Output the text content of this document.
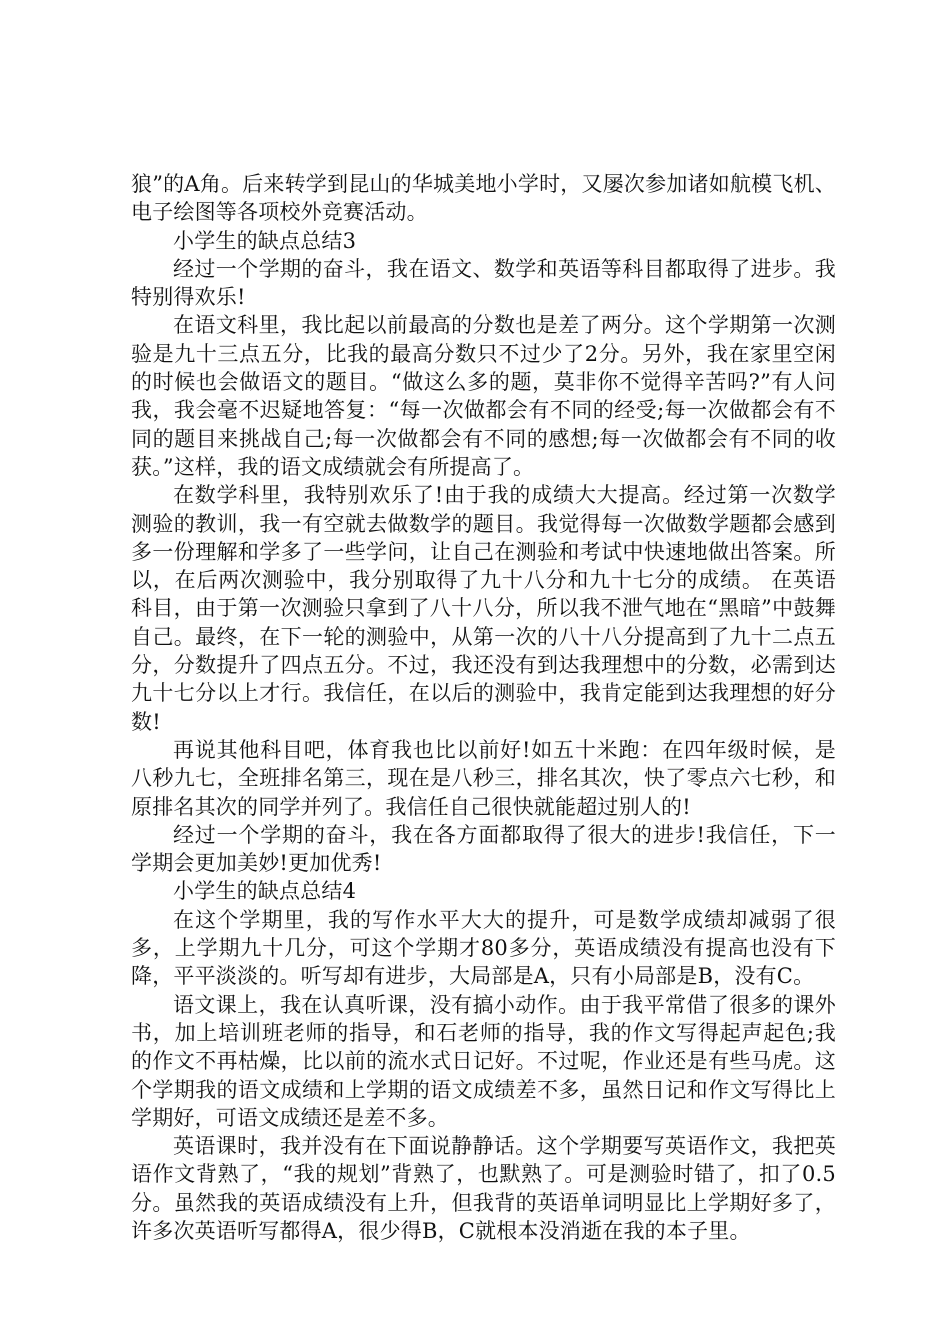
狼”的A角。后来转学到昆山的华城美地小学时，又屡次参加诸如航模飞机、电子绘图等各项校外竞赛活动。

小学生的缺点总结3

经过一个学期的奋斗，我在语文、数学和英语等科目都取得了进步。我特别得欢乐!

在语文科里，我比起以前最高的分数也是差了两分。这个学期第一次测验是九十三点五分，比我的最高分数只不过少了2分。另外，我在家里空闲的时候也会做语文的题目。“做这么多的题，莫非你不觉得辛苦吗?”有人问我，我会毫不迟疑地答复：“每一次做都会有不同的经受;每一次做都会有不同的题目来挑战自己;每一次做都会有不同的感想;每一次做都会有不同的收获。”这样，我的语文成绩就会有所提高了。

在数学科里，我特别欢乐了!由于我的成绩大大提高。经过第一次数学测验的教训，我一有空就去做数学的题目。我觉得每一次做数学题都会感到多一份理解和学多了一些学问，让自己在测验和考试中快速地做出答案。所以，在后两次测验中，我分别取得了九十八分和九十七分的成绩。 在英语科目，由于第一次测验只拿到了八十八分，所以我不泄气地在“黑暗”中鼓舞自己。最终，在下一轮的测验中，从第一次的八十八分提高到了九十二点五分，分数提升了四点五分。不过，我还没有到达我理想中的分数，必需到达九十七分以上才行。我信任，在以后的测验中，我肯定能到达我理想的好分数!

再说其他科目吧，体育我也比以前好!如五十米跑：在四年级时候，是八秒九七，全班排名第三，现在是八秒三，排名其次，快了零点六七秒，和原排名其次的同学并列了。我信任自己很快就能超过别人的!

经过一个学期的奋斗，我在各方面都取得了很大的进步!我信任，下一学期会更加美妙!更加优秀!

小学生的缺点总结4

在这个学期里，我的写作水平大大的提升，可是数学成绩却减弱了很多，上学期九十几分，可这个学期才80多分，英语成绩没有提高也没有下降，平平淡淡的。听写却有进步，大局部是A，只有小局部是B，没有C。

语文课上，我在认真听课，没有搞小动作。由于我平常借了很多的课外书，加上培训班老师的指导，和石老师的指导，我的作文写得起声起色;我的作文不再枯燥，比以前的流水式日记好。不过呢，作业还是有些马虎。这个学期我的语文成绩和上学期的语文成绩差不多，虽然日记和作文写得比上学期好，可语文成绩还是差不多。

英语课时，我并没有在下面说静静话。这个学期要写英语作文，我把英语作文背熟了，“我的规划”背熟了，也默熟了。可是测验时错了，扣了0.5分。虽然我的英语成绩没有上升，但我背的英语单词明显比上学期好多了，许多次英语听写都得A，很少得B，C就根本没消逝在我的本子里。
